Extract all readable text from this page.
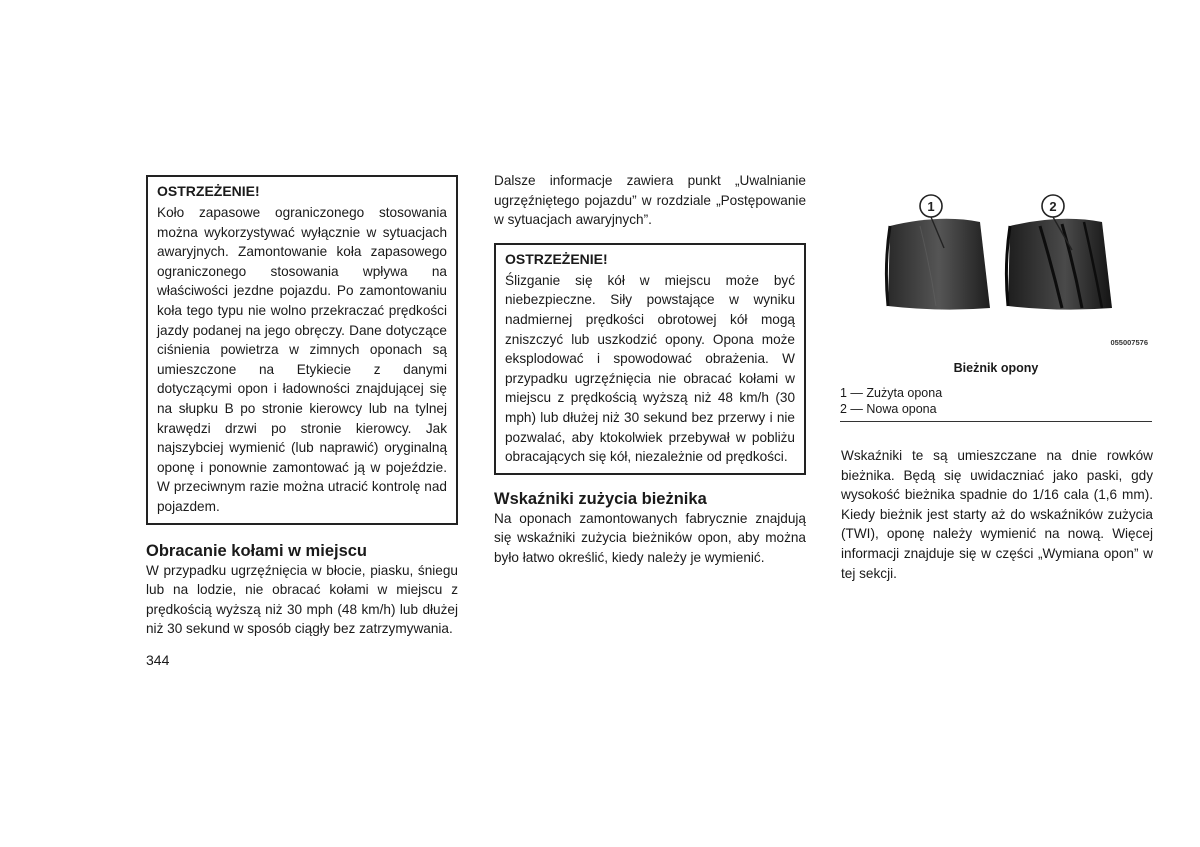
OSTRZEŻENIE!
Koło zapasowe ograniczonego stosowania można wykorzystywać wyłącznie w sytuacjach awaryjnych. Zamontowanie koła zapasowego ograniczonego stosowania wpływa na właściwości jezdne pojazdu. Po zamontowaniu koła tego typu nie wolno przekraczać prędkości jazdy podanej na jego obręczy. Dane dotyczące ciśnienia powietrza w zimnych oponach są umieszczone na Etykiecie z danymi dotyczącymi opon i ładowności znajdującej się na słupku B po stronie kierowcy lub na tylnej krawędzi drzwi po stronie kierowcy. Jak najszybciej wymienić (lub naprawić) oryginalną oponę i ponownie zamontować ją w pojeździe. W przeciwnym razie można utracić kontrolę nad pojazdem.
Obracanie kołami w miejscu

W przypadku ugrzęźnięcia w błocie, piasku, śniegu lub na lodzie, nie obracać kołami w miejscu z prędkością wyższą niż 30 mph (48 km/h) lub dłużej niż 30 sekund w sposób ciągły bez zatrzymywania.

Dalsze informacje zawiera punkt „Uwalnianie ugrzęźniętego pojazdu” w rozdziale „Postępowanie w sytuacjach awaryjnych”.

OSTRZEŻENIE!
Ślizganie się kół w miejscu może być niebezpieczne. Siły powstające w wyniku nadmiernej prędkości obrotowej kół mogą zniszczyć lub uszkodzić opony. Opona może eksplodować i spowodować obrażenia. W przypadku ugrzęźnięcia nie obracać kołami w miejscu z prędkością wyższą niż 48 km/h (30 mph) lub dłużej niż 30 sekund bez przerwy i nie pozwalać, aby ktokolwiek przebywał w pobliżu obracających się kół, niezależnie od prędkości.
Wskaźniki zużycia bieżnika

Na oponach zamontowanych fabrycznie znajdują się wskaźniki zużycia bieżników opon, aby można było łatwo określić, kiedy należy je wymienić.

1	2
055007576
Bieżnik opony
1 — Zużyta opona
2 — Nowa opona
Wskaźniki te są umieszczane na dnie rowków bieżnika. Będą się uwidaczniać jako paski, gdy wysokość bieżnika spadnie do 1/16 cala (1,6 mm). Kiedy bieżnik jest starty aż do wskaźników zużycia (TWI), oponę należy wymienić na nową. Więcej informacji znajduje się w części „Wymiana opon” w tej sekcji.
344
